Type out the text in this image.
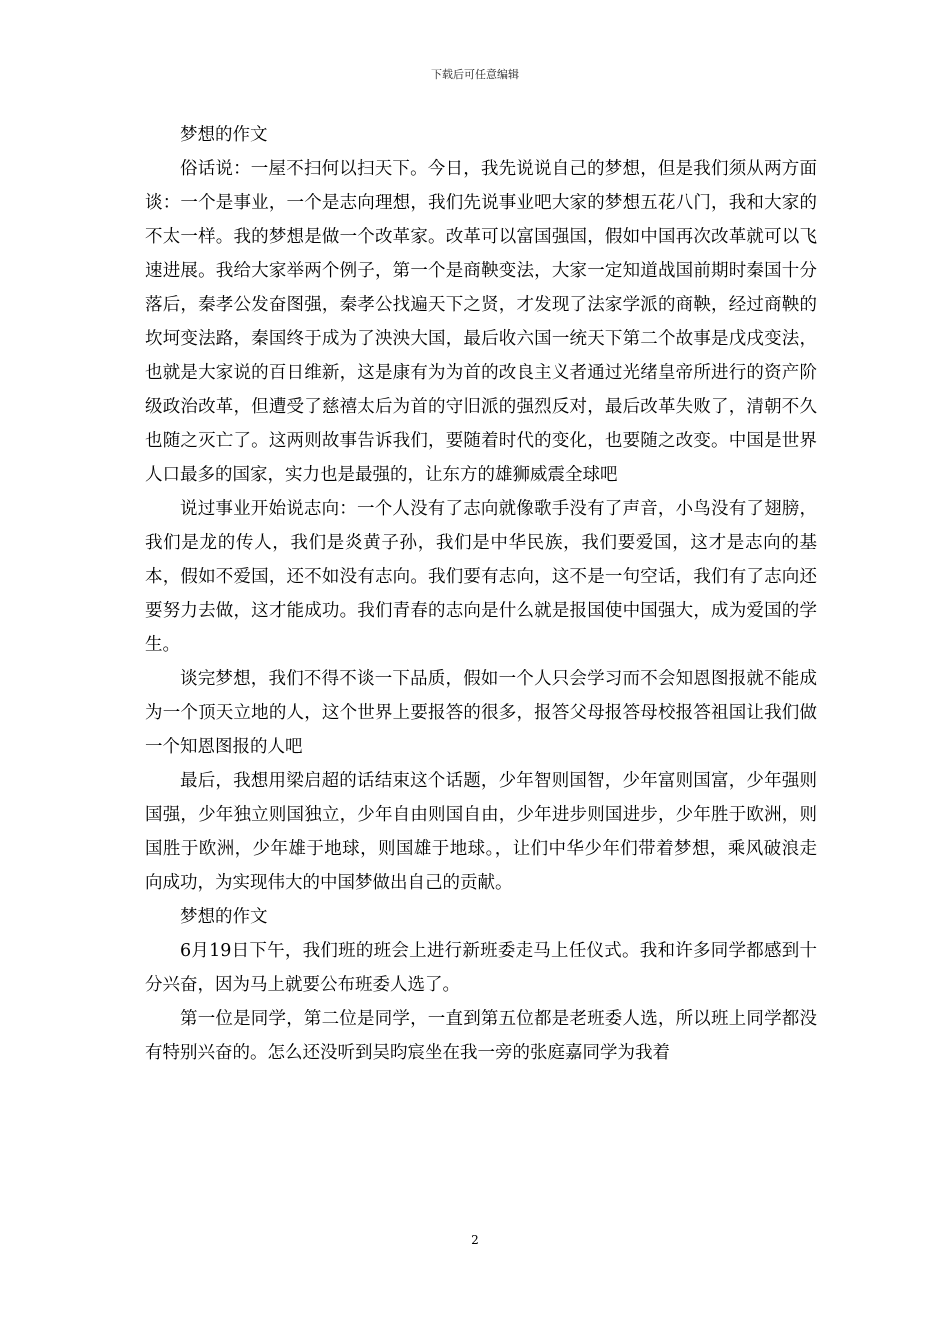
下载后可任意编辑

梦想的作文

俗话说：一屋不扫何以扫天下。今日，我先说说自己的梦想，但是我们须从两方面谈：一个是事业，一个是志向理想，我们先说事业吧大家的梦想五花八门，我和大家的不太一样。我的梦想是做一个改革家。改革可以富国强国，假如中国再次改革就可以飞速进展。我给大家举两个例子，第一个是商鞅变法，大家一定知道战国前期时秦国十分落后，秦孝公发奋图强，秦孝公找遍天下之贤，才发现了法家学派的商鞅，经过商鞅的坎坷变法路，秦国终于成为了泱泱大国，最后收六国一统天下第二个故事是戊戌变法，也就是大家说的百日维新，这是康有为为首的改良主义者通过光绪皇帝所进行的资产阶级政治改革，但遭受了慈禧太后为首的守旧派的强烈反对，最后改革失败了，清朝不久也随之灭亡了。这两则故事告诉我们，要随着时代的变化，也要随之改变。中国是世界人口最多的国家，实力也是最强的，让东方的雄狮威震全球吧

说过事业开始说志向：一个人没有了志向就像歌手没有了声音，小鸟没有了翅膀，我们是龙的传人，我们是炎黄子孙，我们是中华民族，我们要爱国，这才是志向的基本，假如不爱国，还不如没有志向。我们要有志向，这不是一句空话，我们有了志向还要努力去做，这才能成功。我们青春的志向是什么就是报国使中国强大，成为爱国的学生。

谈完梦想，我们不得不谈一下品质，假如一个人只会学习而不会知恩图报就不能成为一个顶天立地的人，这个世界上要报答的很多，报答父母报答母校报答祖国让我们做一个知恩图报的人吧

最后，我想用梁启超的话结束这个话题，少年智则国智，少年富则国富，少年强则国强，少年独立则国独立，少年自由则国自由，少年进步则国进步，少年胜于欧洲，则国胜于欧洲，少年雄于地球，则国雄于地球。，让们中华少年们带着梦想，乘风破浪走向成功，为实现伟大的中国梦做出自己的贡献。

梦想的作文

6月19日下午，我们班的班会上进行新班委走马上任仪式。我和许多同学都感到十分兴奋，因为马上就要公布班委人选了。

第一位是同学，第二位是同学，一直到第五位都是老班委人选，所以班上同学都没有特别兴奋的。怎么还没听到吴昀宸坐在我一旁的张庭嘉同学为我着

2
